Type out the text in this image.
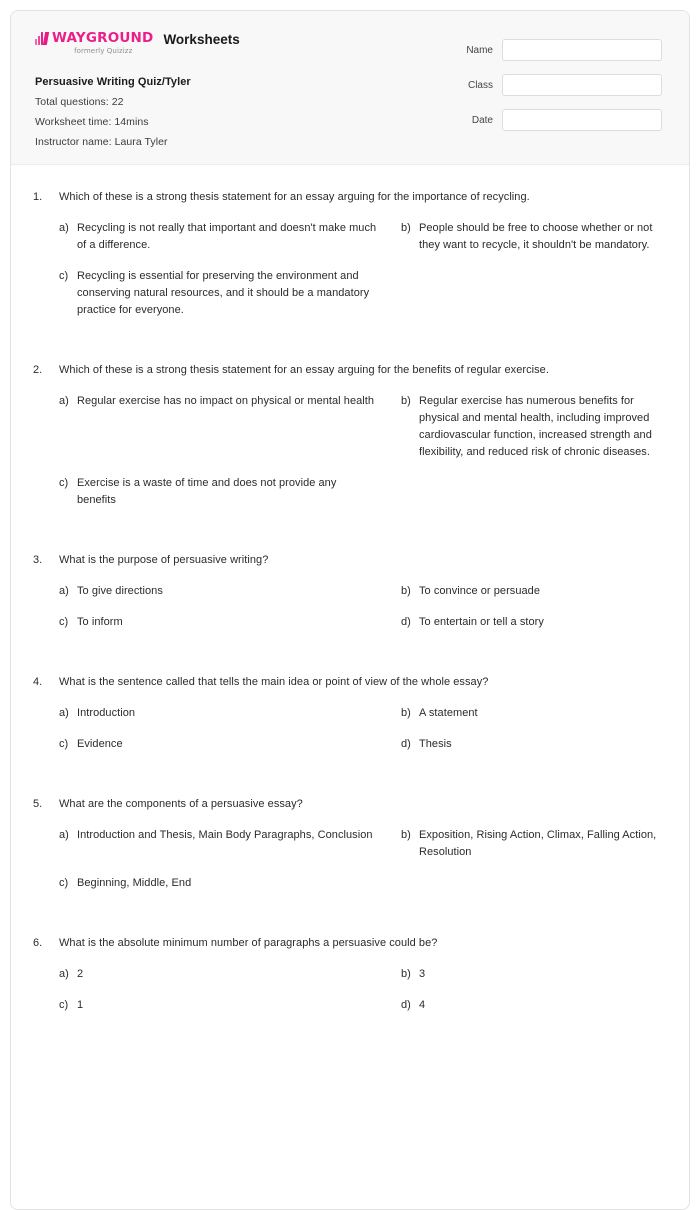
WAYGROUND
formerly Quizizz
Worksheets
Persuasive Writing Quiz/Tyler
Total questions: 22
Worksheet time: 14mins
Instructor name: Laura Tyler
Name
Class
Date
1.	Which of these is a strong thesis statement for an essay arguing for the importance of recycling.
a) Recycling is not really that important and doesn't make much of a difference.
b) People should be free to choose whether or not they want to recycle, it shouldn't be mandatory.
c) Recycling is essential for preserving the environment and conserving natural resources, and it should be a mandatory practice for everyone.
2.	Which of these is a strong thesis statement for an essay arguing for the benefits of regular exercise.
a) Regular exercise has no impact on physical or mental health b) Regular exercise has numerous benefits for physical and mental health, including improved cardiovascular function, increased strength and flexibility, and reduced risk of chronic diseases.
c) Exercise is a waste of time and does not provide any benefits
3.	What is the purpose of persuasive writing?
a) To give directions	b) To convince or persuade
c) To inform	d) To entertain or tell a story
4.	What is the sentence called that tells the main idea or point of view of the whole essay?
a) Introduction	b) A statement
c) Evidence	d) Thesis
5.	What are the components of a persuasive essay?
a) Introduction and Thesis, Main Body Paragraphs, Conclusion	b) Exposition, Rising Action, Climax, Falling Action, Resolution
c) Beginning, Middle, End
6.	What is the absolute minimum number of paragraphs a persuasive could be?
a) 2	b) 3
c) 1	d) 4
